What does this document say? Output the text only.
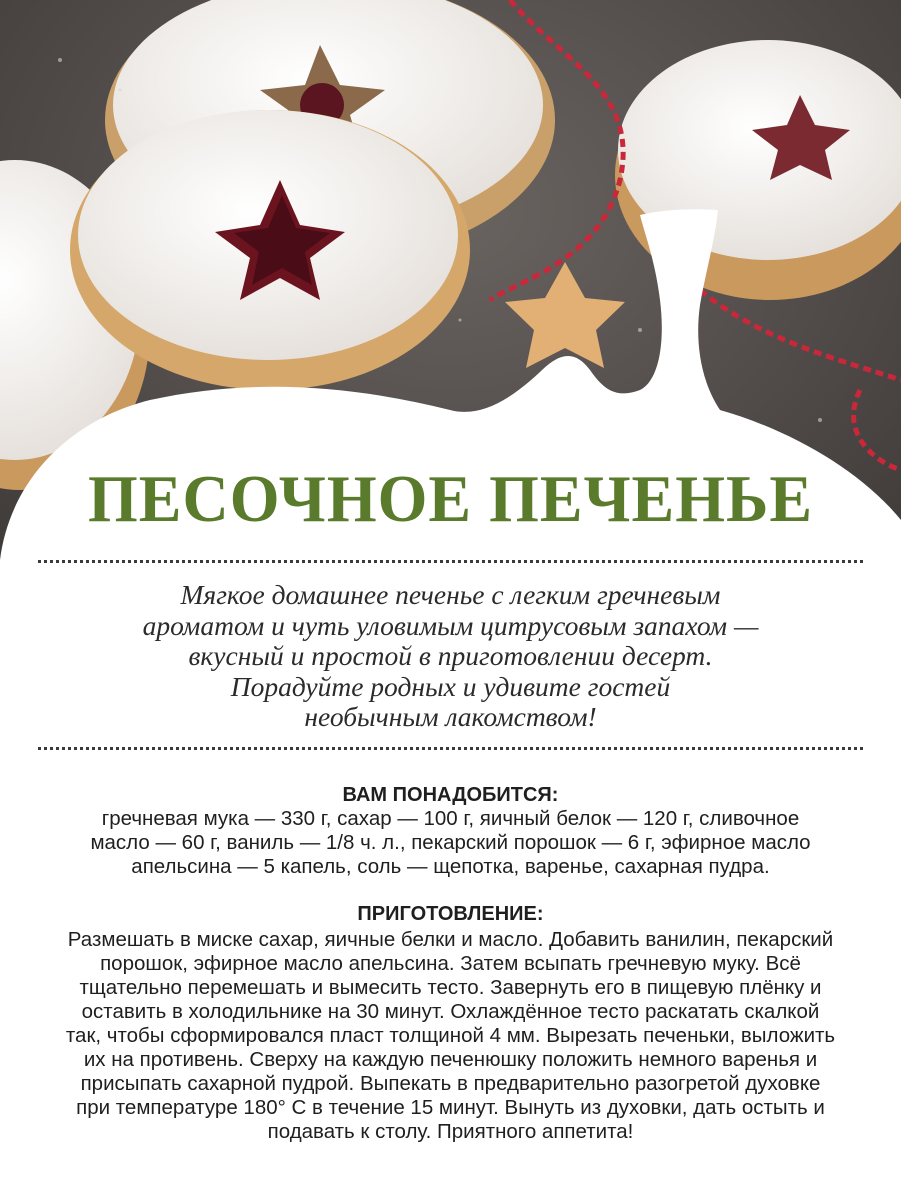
ПЕСОЧНОЕ ПЕЧЕНЬЕ

Мягкое домашнее печенье с легким гречневым
ароматом и чуть уловимым цитрусовым запахом —
вкусный и простой в приготовлении десерт.
Порадуйте родных и удивите гостей
необычным лакомством!

ВАМ ПОНАДОБИТСЯ:

гречневая мука — 330 г, сахар — 100 г, яичный белок — 120 г, сливочное
масло — 60 г, ваниль — 1/8 ч. л., пекарский порошок — 6 г, эфирное масло
апельсина — 5 капель, соль — щепотка, варенье, сахарная пудра.

ПРИГОТОВЛЕНИЕ:

Размешать в миске сахар, яичные белки и масло. Добавить ванилин, пекарский
порошок, эфирное масло апельсина. Затем всыпать гречневую муку. Всё
тщательно перемешать и вымесить тесто. Завернуть его в пищевую плёнку и
оставить в холодильнике на 30 минут. Охлаждённое тесто раскатать скалкой
так, чтобы сформировался пласт толщиной 4 мм. Вырезать печеньки, выложить
их на противень. Сверху на каждую печенюшку положить немного варенья и
присыпать сахарной пудрой. Выпекать в предварительно разогретой духовке
при температуре 180° С в течение 15 минут. Вынуть из духовки, дать остыть и
подавать к столу. Приятного аппетита!
